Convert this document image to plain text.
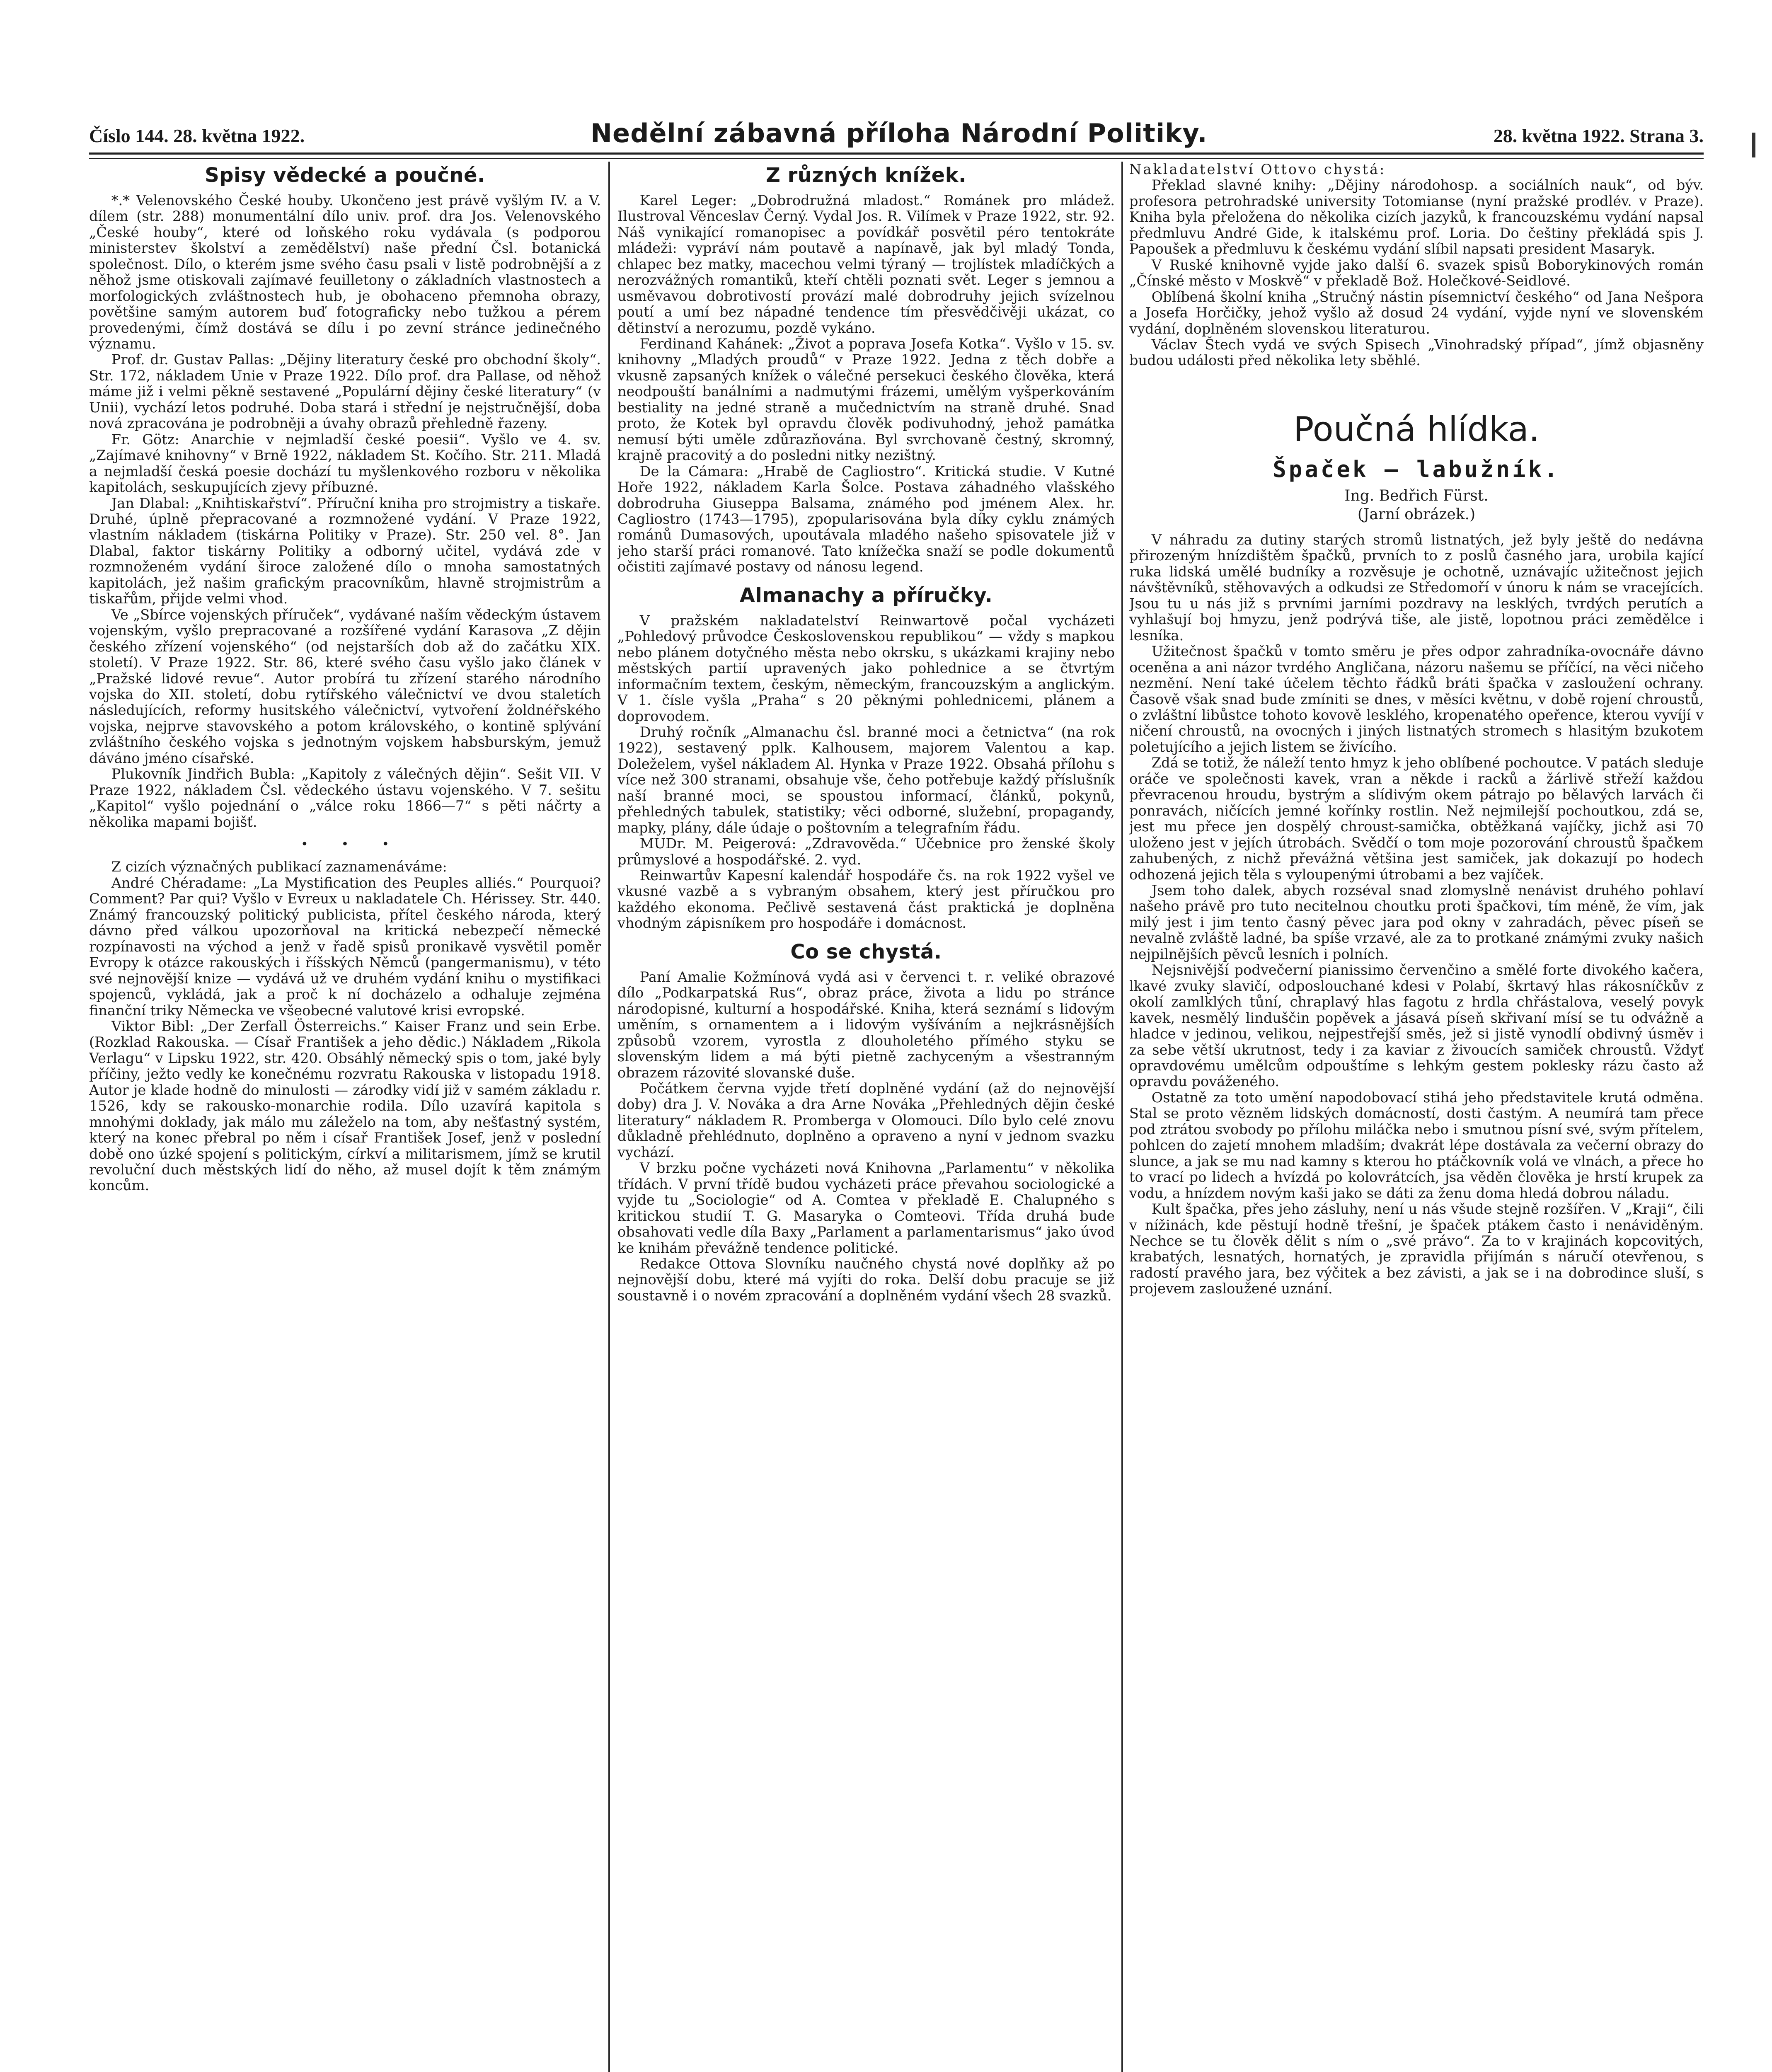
Číslo 144. 28. května 1922.	Nedělní zábavná příloha Národní Politiky.	28. května 1922. Strana 3.
Spisy vědecké a poučné.

*.* Velenovského České houby. Ukončeno jest právě vyšlým IV. a V. dílem (str. 288) monumentální dílo univ. prof. dra Jos. Velenovského „České houby“, které od loňského roku vydávala (s podporou ministerstev školství a zemědělství) naše přední Čsl. botanická společnost. Dílo, o kterém jsme svého času psali v listě podrobnější a z něhož jsme otiskovali zajímavé feuilletony o základních vlastnostech a morfologických zvláštnostech hub, je obohaceno přemnoha obrazy, povětšine samým autorem buď fotograficky nebo tužkou a pérem provedenými, čímž dostává se dílu i po zevní stránce jedinečného významu.

Prof. dr. Gustav Pallas: „Dějiny literatury české pro obchodní školy“. Str. 172, nákladem Unie v Praze 1922. Dílo prof. dra Pallase, od něhož máme již i velmi pěkně sestavené „Populární dějiny české literatury“ (v Unii), vychází letos podruhé. Doba stará i střední je nejstručnější, doba nová zpracována je podrobněji a úvahy obrazů přehledně řazeny.

Fr. Götz: Anarchie v nejmladší české poesii“. Vyšlo ve 4. sv. „Zajímavé knihovny“ v Brně 1922, nákladem St. Kočího. Str. 211. Mladá a nejmladší česká poesie dochází tu myšlenkového rozboru v několika kapitolách, seskupujících zjevy příbuzné.

Jan Dlabal: „Knihtiskařství“. Příruční kniha pro strojmistry a tiskaře. Druhé, úplně přepracované a rozmnožené vydání. V Praze 1922, vlastním nákladem (tiskárna Politiky v Praze). Str. 250 vel. 8°. Jan Dlabal, faktor tiskárny Politiky a odborný učitel, vydává zde v rozmnoženém vydání široce založené dílo o mnoha samostatných kapitolách, jež našim grafickým pracovníkům, hlavně strojmistrům a tiskařům, přijde velmi vhod.

Ve „Sbírce vojenských příruček“, vydávané naším vědeckým ústavem vojenským, vyšlo prepracované a rozšířené vydání Karasova „Z dějin českého zřízení vojenského“ (od nejstarších dob až do začátku XIX. století). V Praze 1922. Str. 86, které svého času vyšlo jako článek v „Pražské lidové revue“. Autor probírá tu zřízení starého národního vojska do XII. století, dobu rytířského válečnictví ve dvou staletích následujících, reformy husitského válečnictví, vytvoření žoldnéřského vojska, nejprve stavovského a potom královského, o kontině splývání zvláštního českého vojska s jednotným vojskem habsburským, jemuž dáváno jméno císařské.

Plukovník Jindřich Bubla: „Kapitoly z válečných dějin“. Sešit VII. V Praze 1922, nákladem Čsl. vědeckého ústavu vojenského. V 7. sešitu „Kapitol“ vyšlo pojednání o „válce roku 1866—7“ s pěti náčrty a několika mapami bojišť.

•	•	•

Z cizích význačných publikací zaznamenáváme:

André Chéradame: „La Mystification des Peuples alliés.“ Pourquoi? Comment? Par qui? Vyšlo v Evreux u nakladatele Ch. Hérissey. Str. 440. Známý francouzský politický publicista, přítel českého národa, který dávno před válkou upozorňoval na kritická nebezpečí německé rozpínavosti na východ a jenž v řadě spisů pronikavě vysvětil poměr Evropy k otázce rakouských i říšských Němců (pangermanismu), v této své nejnovější knize — vydává už ve druhém vydání knihu o mystifikaci spojenců, vykládá, jak a proč k ní docházelo a odhaluje zejména finanční triky Německa ve všeobecné valutové krisi evropské.

Viktor Bibl: „Der Zerfall Österreichs.“ Kaiser Franz und sein Erbe. (Rozklad Rakouska. — Císař František a jeho dědic.) Nákladem „Rikola Verlagu“ v Lipsku 1922, str. 420. Obsáhlý německý spis o tom, jaké byly příčiny, ježto vedly ke konečnému rozvratu Rakouska v listopadu 1918. Autor je klade hodně do minulosti — zárodky vidí již v samém základu r. 1526, kdy se rakousko-monarchie rodila. Dílo uzavírá kapitola s mnohými doklady, jak málo mu záleželo na tom, aby nešťastný systém, který na konec přebral po něm i císař František Josef, jenž v poslední době ono úzké spojení s politickým, církví a militarismem, jímž se krutil revoluční duch městských lidí do něho, až musel dojít k těm známým koncům.

Z různých knížek.

Karel Leger: „Dobrodružná mladost.“ Románek pro mládež. Ilustroval Věnceslav Černý. Vydal Jos. R. Vilímek v Praze 1922, str. 92. Náš vynikající romanopisec a povídkář posvětil péro tentokráte mládeži: vypráví nám poutavě a napínavě, jak byl mladý Tonda, chlapec bez matky, macechou velmi týraný — trojlístek mladíčkých a nerozvážných romantiků, kteří chtěli poznati svět. Leger s jemnou a usměvavou dobrotivostí provází malé dobrodruhy jejich svízelnou poutí a umí bez nápadné tendence tím přesvědčivěji ukázat, co dětinství a nerozumu, pozdě vykáno.

Ferdinand Kahánek: „Život a poprava Josefa Kotka“. Vyšlo v 15. sv. knihovny „Mladých proudů“ v Praze 1922. Jedna z těch dobře a vkusně zapsaných knížek o válečné persekuci českého člověka, která neodpouští banálními a nadmutými frázemi, umělým vyšperkováním bestiality na jedné straně a mučednictvím na straně druhé. Snad proto, že Kotek byl opravdu člověk podivuhodný, jehož památka nemusí býti uměle zdůrazňována. Byl svrchovaně čestný, skromný, krajně pracovitý a do posledni nitky nezištný.

De la Cámara: „Hrabě de Cagliostro“. Kritická studie. V Kutné Hoře 1922, nákladem Karla Šolce. Postava záhadného vlašského dobrodruha Giuseppa Balsama, známého pod jménem Alex. hr. Cagliostro (1743—1795), zpopularisována byla díky cyklu známých románů Dumasových, upoutávala mladého našeho spisovatele již v jeho starší práci romanové. Tato knížečka snaží se podle dokumentů očistiti zajímavé postavy od nánosu legend.

Almanachy a příručky.

V pražském nakladatelství Reinwartově počal vycházeti „Pohledový průvodce Československou republikou“ — vždy s mapkou nebo plánem dotyčného města nebo okrsku, s ukázkami krajiny nebo městských partií upravených jako pohlednice a se čtvrtým informačním textem, českým, německým, francouzským a anglickým. V 1. čísle vyšla „Praha“ s 20 pěknými pohlednicemi, plánem a doprovodem.

Druhý ročník „Almanachu čsl. branné moci a četnictva“ (na rok 1922), sestavený pplk. Kalhousem, majorem Valentou a kap. Doleželem, vyšel nákladem Al. Hynka v Praze 1922. Obsahá přílohu s více než 300 stranami, obsahuje vše, čeho potřebuje každý příslušník naší branné moci, se spoustou informací, článků, pokynů, přehledných tabulek, statistiky; věci odborné, služební, propagandy, mapky, plány, dále údaje o poštovním a telegrafním řádu.

MUDr. M. Peigerová: „Zdravověda.“ Učebnice pro ženské školy průmyslové a hospodářské. 2. vyd.

Reinwartův Kapesní kalendář hospodáře čs. na rok 1922 vyšel ve vkusné vazbě a s vybraným obsahem, který jest příručkou pro každého ekonoma. Pečlivě sestavená část praktická je doplněna vhodným zápisníkem pro hospodáře i domácnost.

Co se chystá.

Paní Amalie Kožmínová vydá asi v červenci t. r. veliké obrazové dílo „Podkarpatská Rus“, obraz práce, života a lidu po stránce národopisné, kulturní a hospodářské. Kniha, která seznámí s lidovým uměním, s ornamentem a i lidovým vyšíváním a nejkrásnějších způsobů vzorem, vyrostla z dlouholetého přímého styku se slovenským lidem a má býti pietně zachyceným a všestranným obrazem rázovité slovanské duše.

Počátkem června vyjde třetí doplněné vydání (až do nejnovější doby) dra J. V. Nováka a dra Arne Nováka „Přehledných dějin české literatury“ nákladem R. Promberga v Olomouci. Dílo bylo celé znovu důkladně přehlédnuto, doplněno a opraveno a nyní v jednom svazku vychází.

V brzku počne vycházeti nová Knihovna „Parlamentu“ v několika třídách. V první třídě budou vycházeti práce převahou sociologické a vyjde tu „Sociologie“ od A. Comtea v překladě E. Chalupného s kritickou studií T. G. Masaryka o Comteovi. Třída druhá bude obsahovati vedle díla Baxy „Parlament a parlamentarismus“ jako úvod ke knihám převážně tendence politické.

Redakce Ottova Slovníku naučného chystá nové doplňky až po nejnovější dobu, které má vyjíti do roka. Delší dobu pracuje se již soustavně i o novém zpracování a doplněném vydání všech 28 svazků.

Nakladatelství Ottovo chystá:

Překlad slavné knihy: „Dějiny národohosp. a sociálních nauk“, od býv. profesora petrohradské university Totomianse (nyní pražské prodlév. v Praze). Kniha byla přeložena do několika cizích jazyků, k francouzskému vydání napsal předmluvu André Gide, k italskému prof. Loria. Do češtiny překládá spis J. Papoušek a předmluvu k českému vydání slíbil napsati president Masaryk.

V Ruské knihovně vyjde jako další 6. svazek spisů Boborykinových román „Čínské město v Moskvě“ v překladě Bož. Holečkové-Seidlové.

Oblíbená školní kniha „Stručný nástin písemnictví českého“ od Jana Nešpora a Josefa Horčičky, jehož vyšlo až dosud 24 vydání, vyjde nyní ve slovenském vydání, doplněném slovenskou literaturou.

Václav Štech vydá ve svých Spisech „Vinohradský případ“, jímž objasněny budou události před několika lety sběhlé.

Poučná hlídka.
Špaček — labužník.
Ing. Bedřich Fürst.
(Jarní obrázek.)

V náhradu za dutiny starých stromů listnatých, jež byly ještě do nedávna přirozeným hnízdištěm špačků, prvních to z poslů časného jara, urobila kající ruka lidská umělé budníky a rozvěsuje je ochotně, uznávajíc užitečnost jejich návštěvníků, stěhovavých a odkudsi ze Středomoří v únoru k nám se vracejících. Jsou tu u nás již s prvními jarními pozdravy na lesklých, tvrdých perutích a vyhlašují boj hmyzu, jenž podrývá tiše, ale jistě, lopotnou práci zemědělce i lesníka.

Užitečnost špačků v tomto směru je přes odpor zahradníka-ovocnáře dávno oceněna a ani názor tvrdého Angličana, názoru našemu se příčící, na věci ničeho nezmění. Není také účelem těchto řádků bráti špačka v zasloužení ochrany. Časově však snad bude zmíniti se dnes, v měsíci květnu, v době rojení chroustů, o zvláštní libůstce tohoto kovově lesklého, kropenatého opeřence, kterou vyvíjí v ničení chroustů, na ovocných i jiných listnatých stromech s hlasitým bzukotem poletujícího a jejich listem se živícího.

Zdá se totiž, že náleží tento hmyz k jeho oblíbené pochoutce. V patách sleduje oráče ve společnosti kavek, vran a někde i racků a žárlivě střeží každou převracenou hroudu, bystrým a slídivým okem pátrajo po bělavých larvách či ponravách, ničících jemné kořínky rostlin. Než nejmilejší pochoutkou, zdá se, jest mu přece jen dospělý chroust-samička, obtěžkaná vajíčky, jichž asi 70 uloženo jest v jejích útrobách. Svědčí o tom moje pozorování chroustů špačkem zahubených, z nichž převážná většina jest samiček, jak dokazují po hodech odhozená jejich těla s vyloupenými útrobami a bez vajíček.

Jsem toho dalek, abych rozséval snad zlomyslně nenávist druhého pohlaví našeho právě pro tuto necitelnou choutku proti špačkovi, tím méně, že vím, jak milý jest i jim tento časný pěvec jara pod okny v zahradách, pěvec píseň se nevalně zvláště ladné, ba spíše vrzavé, ale za to protkané známými zvuky našich nejpilnějších pěvců lesních i polních.

Nejsnivější podvečerní pianissimo červenčino a smělé forte divokého kačera, lkavé zvuky slavičí, odposlouchané kdesi v Polabí, škrtavý hlas rákosníčkův z okolí zamlklých tůní, chraplavý hlas fagotu z hrdla chřástalova, veselý povyk kavek, nesmělý linduščin popěvek a jásavá píseň skřivaní mísí se tu odvážně a hladce v jedinou, velikou, nejpestřejší směs, jež si jistě vynodlí obdivný úsměv i za sebe větší ukrutnost, tedy i za kaviar z živoucích samiček chroustů. Vždyť opravdovému umělcům odpouštíme s lehkým gestem poklesky rázu často až opravdu pováženého.

Ostatně za toto umění napodobovací stihá jeho představitele krutá odměna. Stal se proto vězněm lidských domácností, dosti častým. A neumírá tam přece pod ztrátou svobody po přílohu miláčka nebo i smutnou písní své, svým přítelem, pohlcen do zajetí mnohem mladším; dvakrát lépe dostávala za večerní obrazy do slunce, a jak se mu nad kamny s kterou ho ptáčkovník volá ve vlnách, a přece ho to vrací po lidech a hvízdá po kolovrátcích, jsa věděn člověka je hrstí krupek za vodu, a hnízdem novým kaši jako se dáti za ženu doma hledá dobrou náladu.

Kult špačka, přes jeho zásluhy, není u nás všude stejně rozšířen. V „Kraji“, čili v nížinách, kde pěstují hodně třešní, je špaček ptákem často i nenáviděným. Nechce se tu člověk dělit s ním o „své právo“. Za to v krajinách kopcovitých, krabatých, lesnatých, hornatých, je zpravidla přijímán s náručí otevřenou, s radostí pravého jara, bez výčitek a bez závisti, a jak se i na dobrodince sluší, s projevem zasloužené uznání.
